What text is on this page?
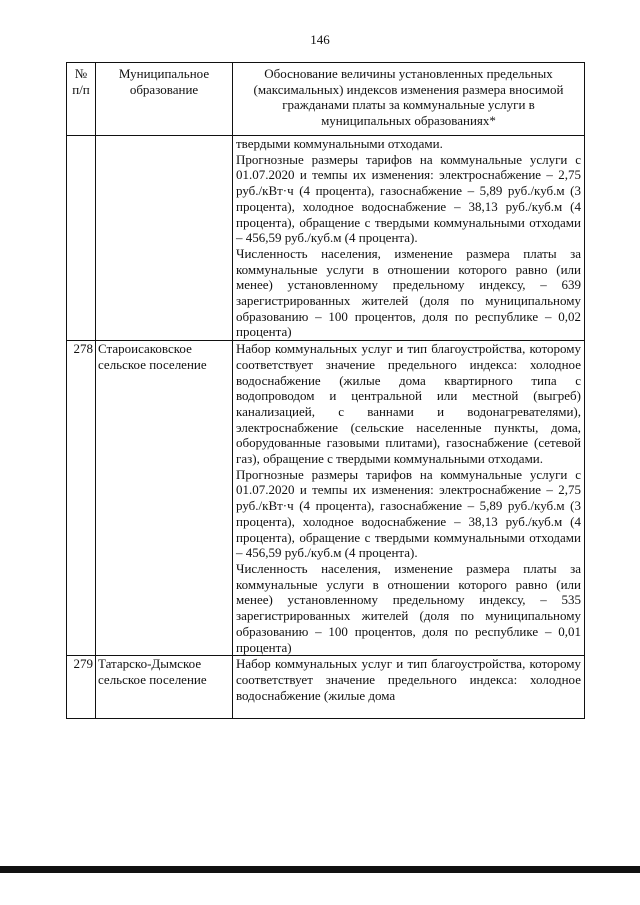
146
№ п/п	Муниципальное образование	Обоснование величины установленных предельных (максимальных) индексов изменения размера вносимой гражданами платы за коммунальные услуги в муниципальных образованиях*

		твердыми коммунальными отходами.

Прогнозные размеры тарифов на коммунальные услуги с 01.07.2020 и темпы их изменения: электроснабжение – 2,75 руб./кВт·ч (4 процента), газоснабжение – 5,89 руб./куб.м (3 процента), холодное водоснабжение – 38,13 руб./куб.м (4 процента), обращение с твердыми коммунальными отходами – 456,59 руб./куб.м (4 процента).

Численность населения, изменение размера платы за коммунальные услуги в отношении которого равно (или менее) установленному предельному индексу, – 639 зарегистрированных жителей (доля по муниципальному образованию – 100 процентов, доля по республике – 0,02 процента)

278	Староисаковское сельское поселение	Набор коммунальных услуг и тип благоустройства, которому соответствует значение предельного индекса: холодное водоснабжение (жилые дома квартирного типа с водопроводом и центральной или местной (выгреб) канализацией, с ваннами и водонагревателями), электроснабжение (сельские населенные пункты, дома, оборудованные газовыми плитами), газоснабжение (сетевой газ), обращение с твердыми коммунальными отходами.

Прогнозные размеры тарифов на коммунальные услуги с 01.07.2020 и темпы их изменения: электроснабжение – 2,75 руб./кВт·ч (4 процента), газоснабжение – 5,89 руб./куб.м (3 процента), холодное водоснабжение – 38,13 руб./куб.м (4 процента), обращение с твердыми коммунальными отходами – 456,59 руб./куб.м (4 процента).

Численность населения, изменение размера платы за коммунальные услуги в отношении которого равно (или менее) установленному предельному индексу, – 535 зарегистрированных жителей (доля по муниципальному образованию – 100 процентов, доля по республике – 0,01 процента)

279	Татарско-Дымское сельское поселение	Набор коммунальных услуг и тип благоустройства, которому соответствует значение предельного индекса: холодное водоснабжение (жилые дома
